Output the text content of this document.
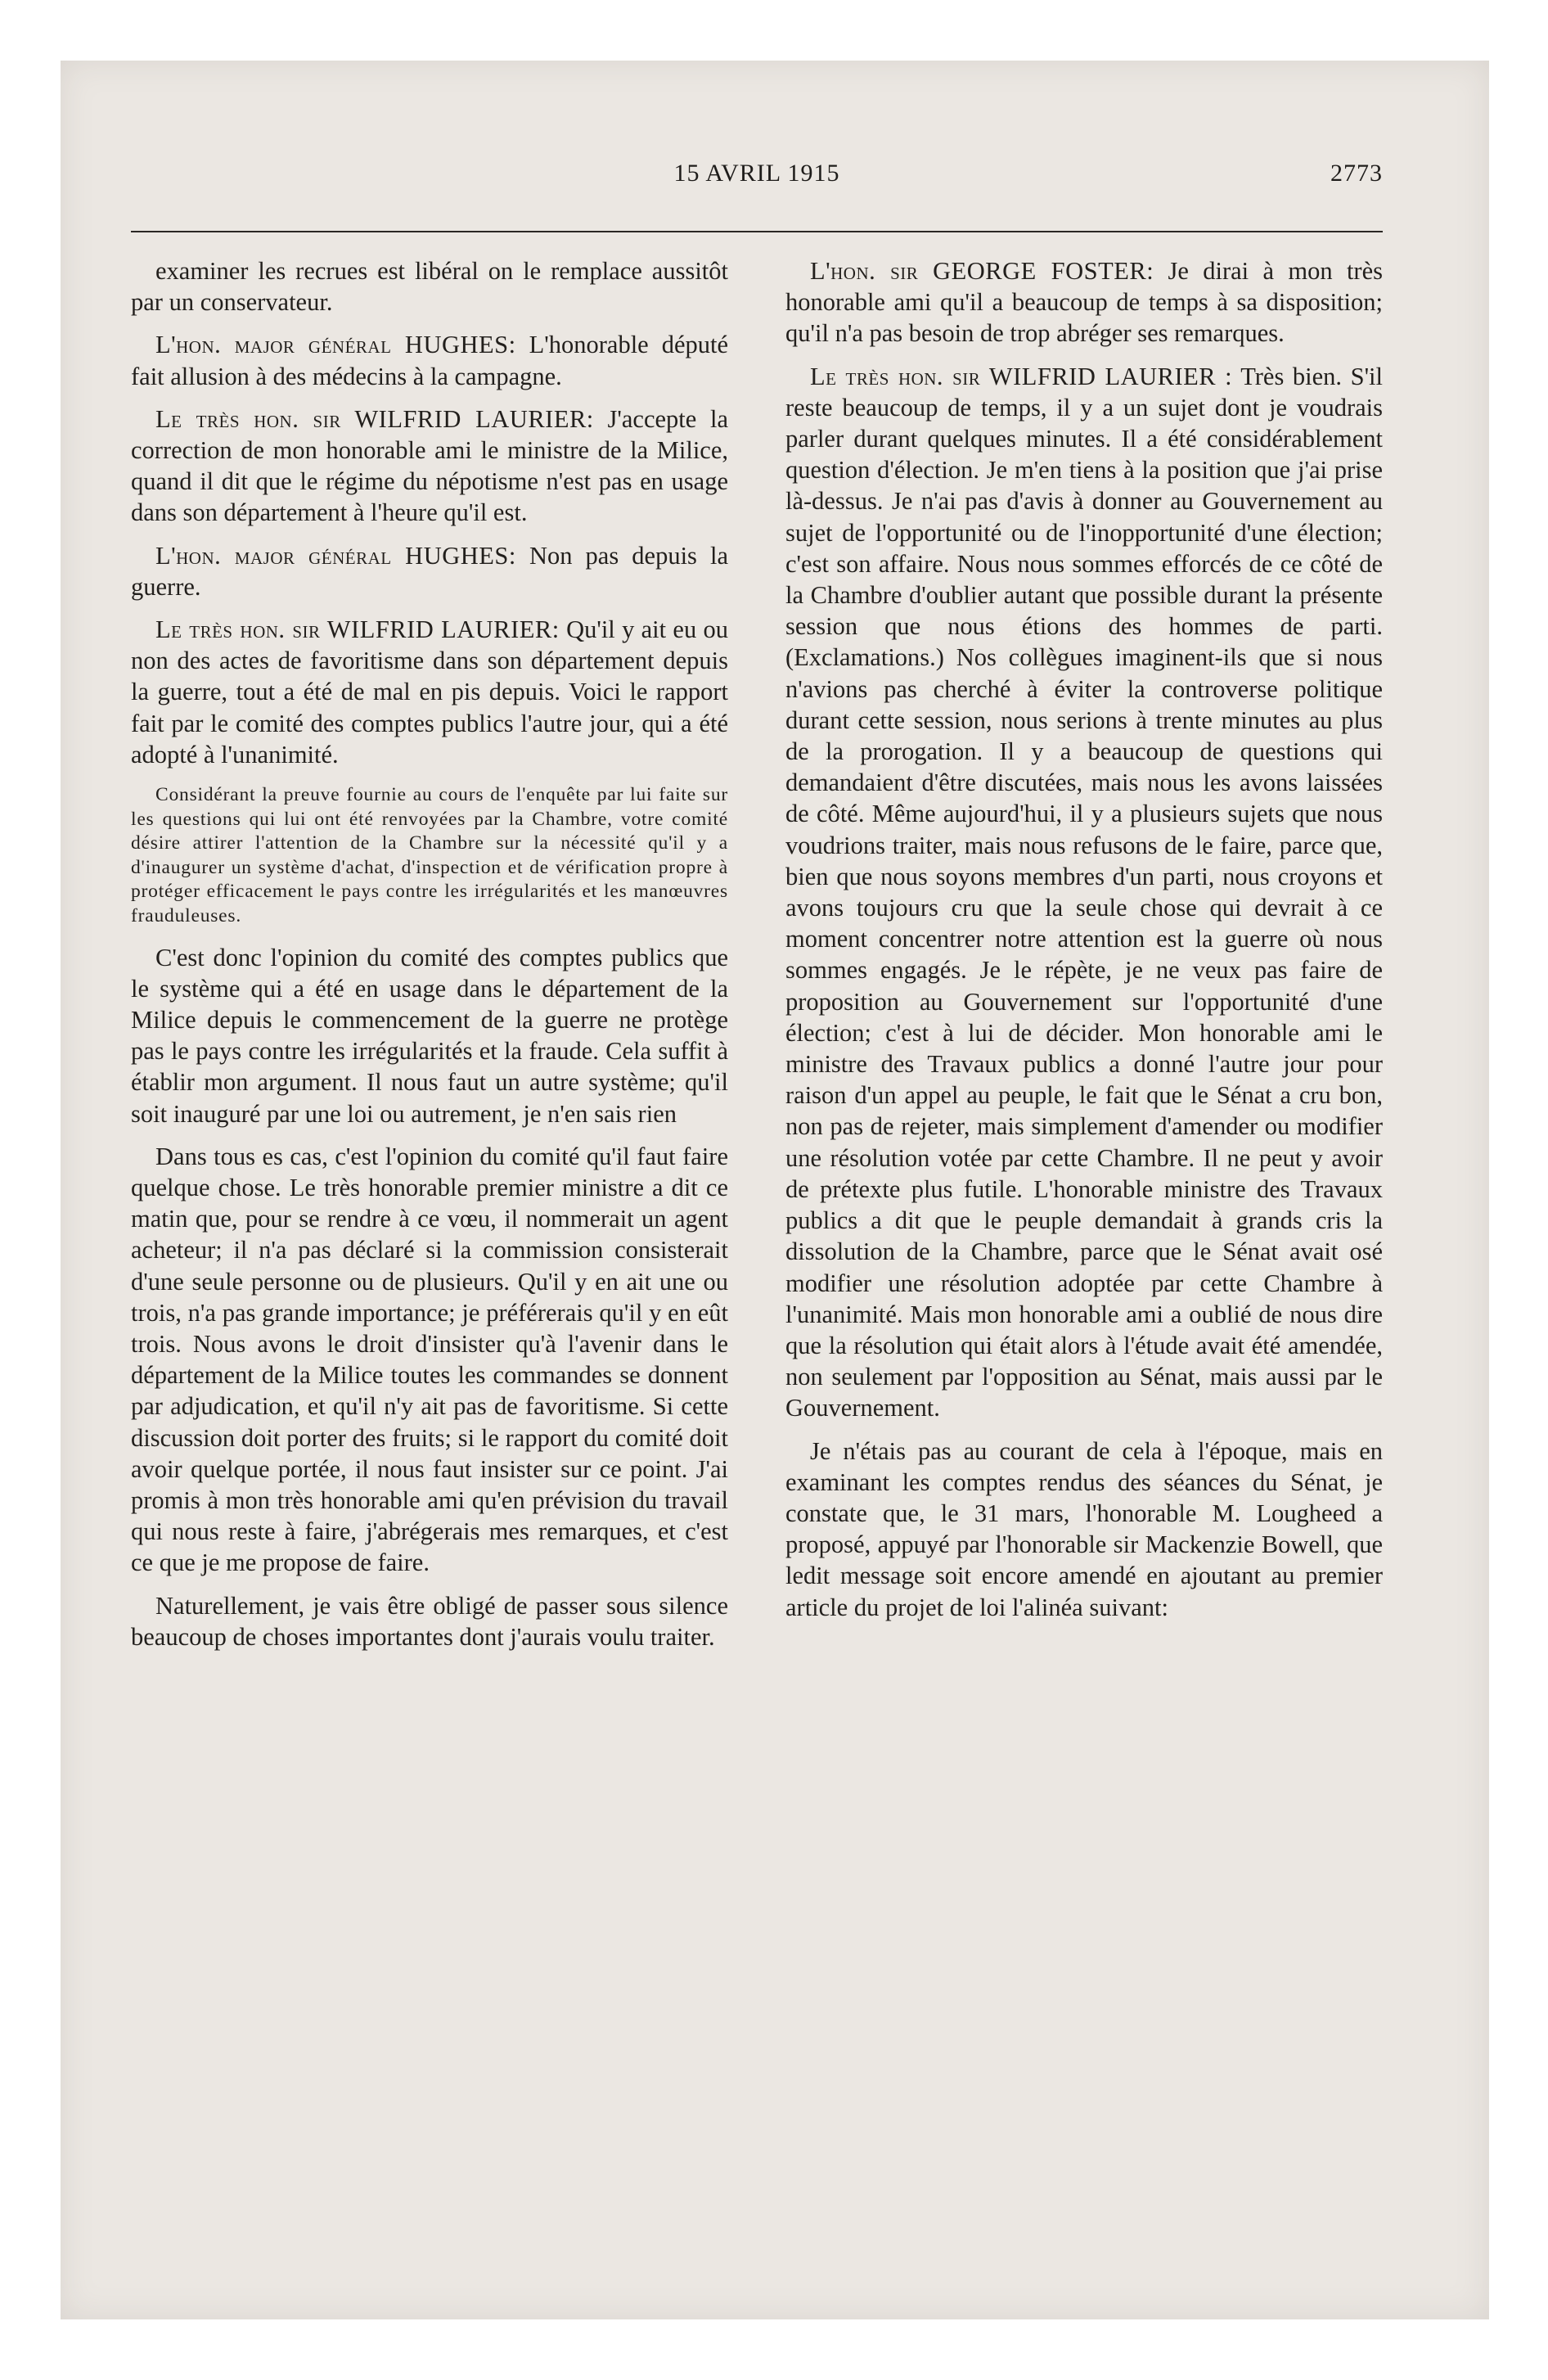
15 AVRIL 1915	2773

examiner les recrues est libéral on le remplace aussitôt par un conservateur.

L'hon. major général HUGHES: L'honorable député fait allusion à des médecins à la campagne.

Le très hon. sir WILFRID LAURIER: J'accepte la correction de mon honorable ami le ministre de la Milice, quand il dit que le régime du népotisme n'est pas en usage dans son département à l'heure qu'il est.

L'hon. major général HUGHES: Non pas depuis la guerre.

Le très hon. sir WILFRID LAURIER: Qu'il y ait eu ou non des actes de favoritisme dans son département depuis la guerre, tout a été de mal en pis depuis. Voici le rapport fait par le comité des comptes publics l'autre jour, qui a été adopté à l'unanimité.

Considérant la preuve fournie au cours de l'enquête par lui faite sur les questions qui lui ont été renvoyées par la Chambre, votre comité désire attirer l'attention de la Chambre sur la nécessité qu'il y a d'inaugurer un système d'achat, d'inspection et de vérification propre à protéger efficacement le pays contre les irrégularités et les manœuvres frauduleuses.

C'est donc l'opinion du comité des comptes publics que le système qui a été en usage dans le département de la Milice depuis le commencement de la guerre ne protège pas le pays contre les irrégularités et la fraude. Cela suffit à établir mon argument. Il nous faut un autre système; qu'il soit inauguré par une loi ou autrement, je n'en sais rien

Dans tous es cas, c'est l'opinion du comité qu'il faut faire quelque chose. Le très honorable premier ministre a dit ce matin que, pour se rendre à ce vœu, il nommerait un agent acheteur; il n'a pas déclaré si la commission consisterait d'une seule personne ou de plusieurs. Qu'il y en ait une ou trois, n'a pas grande importance; je préférerais qu'il y en eût trois. Nous avons le droit d'insister qu'à l'avenir dans le département de la Milice toutes les commandes se donnent par adjudication, et qu'il n'y ait pas de favoritisme. Si cette discussion doit porter des fruits; si le rapport du comité doit avoir quelque portée, il nous faut insister sur ce point. J'ai promis à mon très honorable ami qu'en prévision du travail qui nous reste à faire, j'abrégerais mes remarques, et c'est ce que je me propose de faire.

Naturellement, je vais être obligé de passer sous silence beaucoup de choses importantes dont j'aurais voulu traiter.

L'hon. sir GEORGE FOSTER: Je dirai à mon très honorable ami qu'il a beaucoup de temps à sa disposition; qu'il n'a pas besoin de trop abréger ses remarques.

Le très hon. sir WILFRID LAURIER : Très bien. S'il reste beaucoup de temps, il y a un sujet dont je voudrais parler durant quelques minutes. Il a été considérablement question d'élection. Je m'en tiens à la position que j'ai prise là-dessus. Je n'ai pas d'avis à donner au Gouvernement au sujet de l'opportunité ou de l'inopportunité d'une élection; c'est son affaire. Nous nous sommes efforcés de ce côté de la Chambre d'oublier autant que possible durant la présente session que nous étions des hommes de parti. (Exclamations.) Nos collègues imaginent-ils que si nous n'avions pas cherché à éviter la controverse politique durant cette session, nous serions à trente minutes au plus de la prorogation. Il y a beaucoup de questions qui demandaient d'être discutées, mais nous les avons laissées de côté. Même aujourd'hui, il y a plusieurs sujets que nous voudrions traiter, mais nous refusons de le faire, parce que, bien que nous soyons membres d'un parti, nous croyons et avons toujours cru que la seule chose qui devrait à ce moment concentrer notre attention est la guerre où nous sommes engagés. Je le répète, je ne veux pas faire de proposition au Gouvernement sur l'opportunité d'une élection; c'est à lui de décider. Mon honorable ami le ministre des Travaux publics a donné l'autre jour pour raison d'un appel au peuple, le fait que le Sénat a cru bon, non pas de rejeter, mais simplement d'amender ou modifier une résolution votée par cette Chambre. Il ne peut y avoir de prétexte plus futile. L'honorable ministre des Travaux publics a dit que le peuple demandait à grands cris la dissolution de la Chambre, parce que le Sénat avait osé modifier une résolution adoptée par cette Chambre à l'unanimité. Mais mon honorable ami a oublié de nous dire que la résolution qui était alors à l'étude avait été amendée, non seulement par l'opposition au Sénat, mais aussi par le Gouvernement.

Je n'étais pas au courant de cela à l'époque, mais en examinant les comptes rendus des séances du Sénat, je constate que, le 31 mars, l'honorable M. Lougheed a proposé, appuyé par l'honorable sir Mackenzie Bowell, que ledit message soit encore amendé en ajoutant au premier article du projet de loi l'alinéa suivant:
